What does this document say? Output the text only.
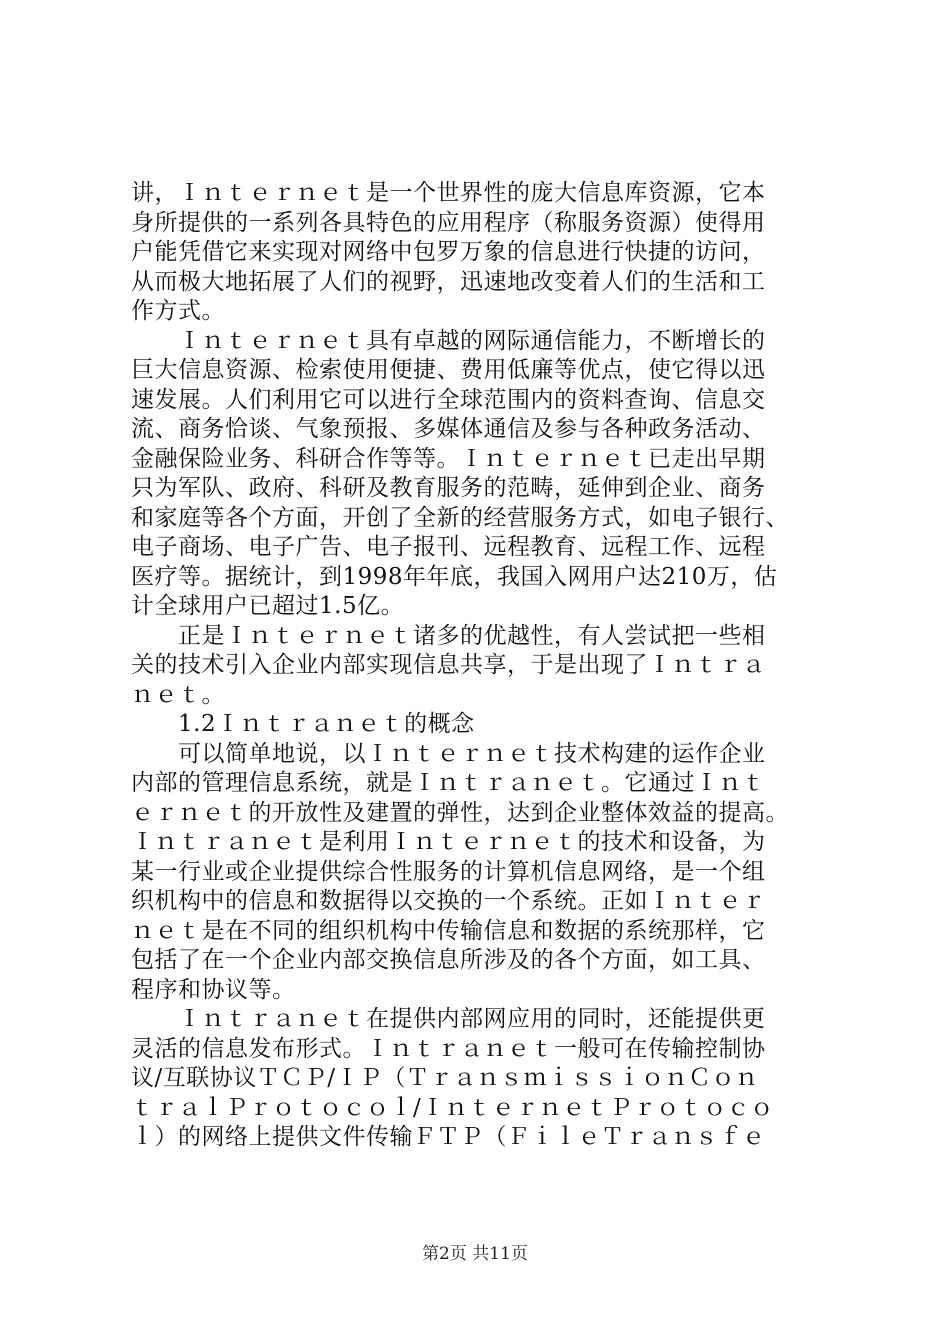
讲，Ｉｎｔｅｒｎｅｔ是一个世界性的庞大信息库资源，它本
身所提供的一系列各具特色的应用程序（称服务资源）使得用
户能凭借它来实现对网络中包罗万象的信息进行快捷的访问，
从而极大地拓展了人们的视野，迅速地改变着人们的生活和工
作方式。
　　Ｉｎｔｅｒｎｅｔ具有卓越的网际通信能力，不断增长的
巨大信息资源、检索使用便捷、费用低廉等优点，使它得以迅
速发展。人们利用它可以进行全球范围内的资料查询、信息交
流、商务恰谈、气象预报、多媒体通信及参与各种政务活动、
金融保险业务、科研合作等等。Ｉｎｔｅｒｎｅｔ已走出早期
只为军队、政府、科研及教育服务的范畴，延伸到企业、商务
和家庭等各个方面，开创了全新的经营服务方式，如电子银行、
电子商场、电子广告、电子报刊、远程教育、远程工作、远程
医疗等。据统计，到1998年年底，我国入网用户达210万，估
计全球用户已超过1.5亿。
　　正是Ｉｎｔｅｒｎｅｔ诸多的优越性，有人尝试把一些相
关的技术引入企业内部实现信息共享，于是出现了Ｉｎｔｒａ
ｎｅｔ。
　　1.2Ｉｎｔｒａｎｅｔ的概念
　　可以简单地说，以Ｉｎｔｅｒｎｅｔ技术构建的运作企业
内部的管理信息系统，就是Ｉｎｔｒａｎｅｔ。它通过Ｉｎｔ
ｅｒｎｅｔ的开放性及建置的弹性，达到企业整体效益的提高。
Ｉｎｔｒａｎｅｔ是利用Ｉｎｔｅｒｎｅｔ的技术和设备，为
某一行业或企业提供综合性服务的计算机信息网络，是一个组
织机构中的信息和数据得以交换的一个系统。正如Ｉｎｔｅｒ
ｎｅｔ是在不同的组织机构中传输信息和数据的系统那样，它
包括了在一个企业内部交换信息所涉及的各个方面，如工具、
程序和协议等。
　　Ｉｎｔｒａｎｅｔ在提供内部网应用的同时，还能提供更
灵活的信息发布形式。Ｉｎｔｒａｎｅｔ一般可在传输控制协
议/互联协议ＴＣＰ/ＩＰ（ＴｒａｎｓｍｉｓｓｉｏｎＣｏｎ
ｔｒａｌＰｒｏｔｏｃｏｌ/ＩｎｔｅｒｎｅｔＰｒｏｔｏｃｏ
ｌ）的网络上提供文件传输ＦＴＰ（ＦｉｌｅＴｒａｎｓｆｅ
第2页 共11页
